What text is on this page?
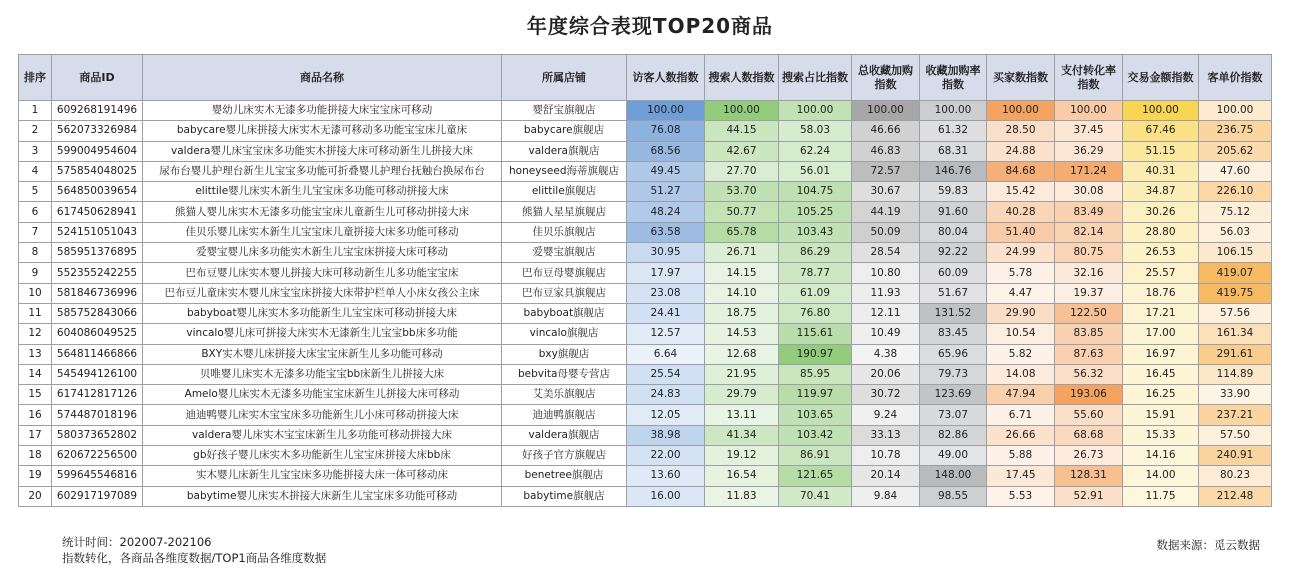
年度综合表现TOP20商品
排序	商品ID	商品名称	所属店铺	访客人数指数	搜索人数指数	搜索占比指数	总收藏加购指数	收藏加购率指数	买家数指数	支付转化率指数	交易金额指数	客单价指数
1	609268191496	婴幼儿床实木无漆多功能拼接大床宝宝床可移动	婴舒宝旗舰店	100.00	100.00	100.00	100.00	100.00	100.00	100.00	100.00	100.00
2	562073326984	babycare婴儿床拼接大床实木无漆可移动多功能宝宝床儿童床	babycare旗舰店	76.08	44.15	58.03	46.66	61.32	28.50	37.45	67.46	236.75
3	599004954604	valdera婴儿床宝宝床多功能实木拼接大床可移动新生儿拼接大床	valdera旗舰店	68.56	42.67	62.24	46.83	68.31	24.88	36.29	51.15	205.62
4	575854048025	尿布台婴儿护理台新生儿宝宝多功能可折叠婴儿护理台抚触台换尿布台	honeyseed海蒂旗舰店	49.45	27.70	56.01	72.57	146.76	84.68	171.24	40.31	47.60
5	564850039654	elittile婴儿床实木新生儿宝宝床多功能可移动拼接大床	elittile旗舰店	51.27	53.70	104.75	30.67	59.83	15.42	30.08	34.87	226.10
6	617450628941	熊猫人婴儿床实木无漆多功能宝宝床儿童新生儿可移动拼接大床	熊猫人星星旗舰店	48.24	50.77	105.25	44.19	91.60	40.28	83.49	30.26	75.12
7	524151051043	佳贝乐婴儿床实木新生儿宝宝床儿童拼接大床多功能可移动	佳贝乐旗舰店	63.58	65.78	103.43	50.09	80.04	51.40	82.14	28.80	56.03
8	585951376895	爱婴宝婴儿床多功能实木新生儿宝宝床拼接大床可移动	爱婴宝旗舰店	30.95	26.71	86.29	28.54	92.22	24.99	80.75	26.53	106.15
9	552355242255	巴布豆婴儿床实木婴儿拼接大床可移动新生儿多功能宝宝床	巴布豆母婴旗舰店	17.97	14.15	78.77	10.80	60.09	5.78	32.16	25.57	419.07
10	581846736996	巴布豆儿童床实木婴儿床宝宝床拼接大床带护栏单人小床女孩公主床	巴布豆家具旗舰店	23.08	14.10	61.09	11.93	51.67	4.47	19.37	18.76	419.75
11	585752843066	babyboat婴儿床实木多功能新生儿宝宝床可移动拼接大床	babyboat旗舰店	24.41	18.75	76.80	12.11	131.52	29.90	122.50	17.21	57.56
12	604086049525	vincalo婴儿床可拼接大床实木无漆新生儿宝宝bb床多功能	vincalo旗舰店	12.57	14.53	115.61	10.49	83.45	10.54	83.85	17.00	161.34
13	564811466866	BXY实木婴儿床拼接大床宝宝床新生儿多功能可移动	bxy旗舰店	6.64	12.68	190.97	4.38	65.96	5.82	87.63	16.97	291.61
14	545494126100	贝唯婴儿床实木无漆多功能宝宝bb床新生儿拼接大床	bebvita母婴专营店	25.54	21.95	85.95	20.06	79.73	14.08	56.32	16.45	114.89
15	617412817126	Amelo婴儿床实木无漆多功能宝宝床新生儿拼接大床可移动	艾美乐旗舰店	24.83	29.79	119.97	30.72	123.69	47.94	193.06	16.25	33.90
16	574487018196	迪迪鸭婴儿床实木宝宝床多功能新生儿小床可移动拼接大床	迪迪鸭旗舰店	12.05	13.11	103.65	9.24	73.07	6.71	55.60	15.91	237.21
17	580373652802	valdera婴儿床实木宝宝床新生儿多功能可移动拼接大床	valdera旗舰店	38.98	41.34	103.42	33.13	82.86	26.66	68.68	15.33	57.50
18	620672256500	gb好孩子婴儿床实木多功能新生儿宝宝床拼接大床bb床	好孩子官方旗舰店	22.00	19.12	86.91	10.78	49.00	5.88	26.73	14.16	240.91
19	599645546816	实木婴儿床新生儿宝宝床多功能拼接大床一体可移动床	benetree旗舰店	13.60	16.54	121.65	20.14	148.00	17.45	128.31	14.00	80.23
20	602917197089	babytime婴儿床实木拼接大床新生儿宝宝床多功能可移动	babytime旗舰店	16.00	11.83	70.41	9.84	98.55	5.53	52.91	11.75	212.48
统计时间：202007-202106
指数转化，各商品各维度数据/TOP1商品各维度数据
数据来源：觅云数据
